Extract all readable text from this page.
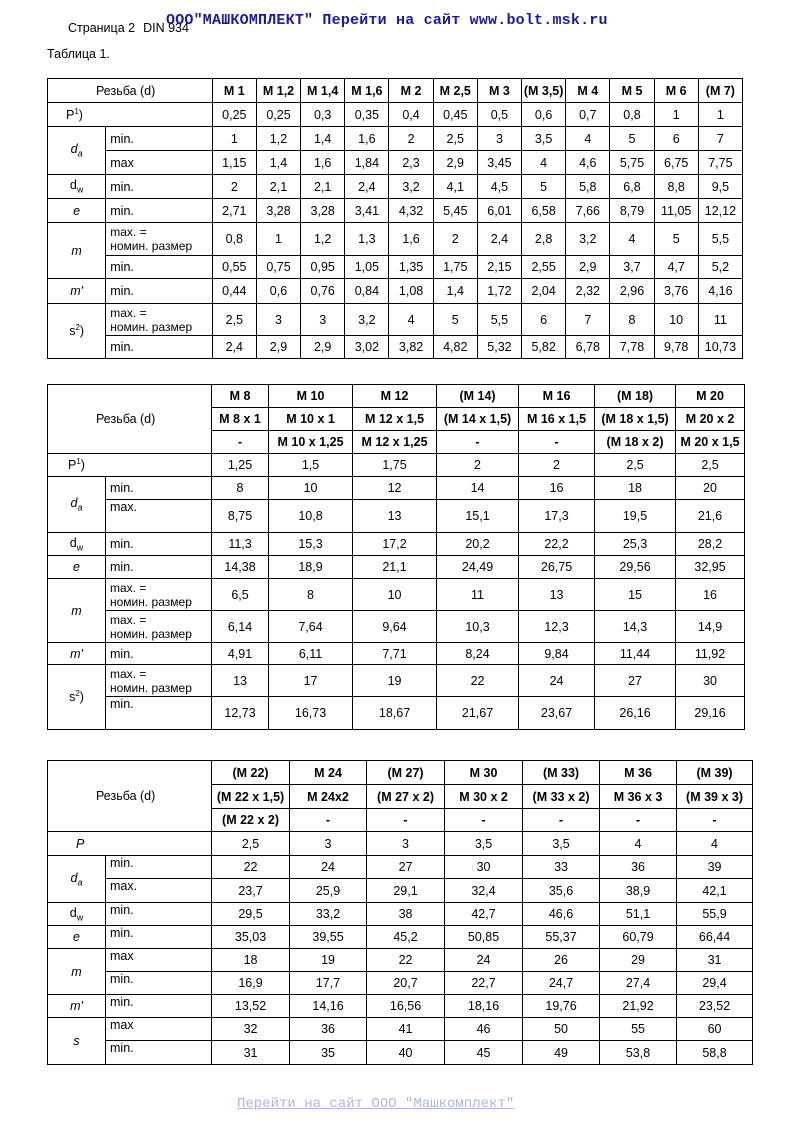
Страница 2 DIN 934
ООО"МАШКОМПЛЕКТ" Перейти на сайт www.bolt.msk.ru
Таблица 1.
Резьба (d)		M 1	M 1,2	M 1,4	M 1,6	M 2	M 2,5	M 3	(M 3,5)	M 4	M 5	M 6	(M 7)
$P^1$)		0,25	0,25	0,3	0,35	0,4	0,45	0,5	0,6	0,7	0,8	1	1
$d_a$	min.	1	1,2	1,4	1,6	2	2,5	3	3,5	4	5	6	7
	max	1,15	1,4	1,6	1,84	2,3	2,9	3,45	4	4,6	5,75	6,75	7,75
$d_w$	min.	2	2,1	2,1	2,4	3,2	4,1	4,5	5	5,8	6,8	8,8	9,5
e	min.	2,71	3,28	3,28	3,41	4,32	5,45	6,01	6,58	7,66	8,79	11,05	12,12
m	max. =
номин. размер	0,8	1	1,2	1,3	1,6	2	2,4	2,8	3,2	4	5	5,5
	min.	0,55	0,75	0,95	1,05	1,35	1,75	2,15	2,55	2,9	3,7	4,7	5,2
m'	min.	0,44	0,6	0,76	0,84	1,08	1,4	1,72	2,04	2,32	2,96	3,76	4,16
$s^2$)	max. =
номин. размер	2,5	3	3	3,2	4	5	5,5	6	7	8	10	11
	min.	2,4	2,9	2,9	3,02	3,82	4,82	5,32	5,82	6,78	7,78	9,78	10,73
Резьба (d)		M 8	M 10	M 12	(M 14)	M 16	(M 18)	M 20
		M 8 x 1	M 10 x 1	M 12 x 1,5	(M 14 x 1,5)	M 16 x 1,5	(M 18 x 1,5)	M 20 x 2
		-	M 10 x 1,25	M 12 x 1,25	-	-	(M 18 x 2)	M 20 x 1,5
$P^1$)		1,25	1,5	1,75	2	2	2,5	2,5
$d_a$	min.	8	10	12	14	16	18	20
	max.	8,75	10,8	13	15,1	17,3	19,5	21,6
$d_w$	min.	11,3	15,3	17,2	20,2	22,2	25,3	28,2
e	min.	14,38	18,9	21,1	24,49	26,75	29,56	32,95
m	max. =
номин. размер	6,5	8	10	11	13	15	16

	max. =
номин. размер	6,14	7,64	9,64	10,3	12,3	14,3	14,9
m'	min.	4,91	6,11	7,71	8,24	9,84	11,44	11,92
$s^2$)	max. =
номин. размер	13	17	19	22	24	27	30
	min.	12,73	16,73	18,67	21,67	23,67	26,16	29,16
Резьба (d)		(M 22)	M 24	(M 27)	M 30	(M 33)	M 36	(M 39)
		(M 22 x 1,5)	M 24x2	(M 27 x 2)	M 30 x 2	(M 33 x 2)	M 36 x 3	(M 39 x 3)
		(M 22 x 2)	-	-	-	-	-	-
P		2,5	3	3	3,5	3,5	4	4
$d_a$	min.	22	24	27	30	33	36	39
	max.	23,7	25,9	29,1	32,4	35,6	38,9	42,1
$d_w$	min.	29,5	33,2	38	42,7	46,6	51,1	55,9
e	min.	35,03	39,55	45,2	50,85	55,37	60,79	66,44
m	max	18	19	22	24	26	29	31
	min.	16,9	17,7	20,7	22,7	24,7	27,4	29,4
m'	min.	13,52	14,16	16,56	18,16	19,76	21,92	23,52
s	max	32	36	41	46	50	55	60
	min.	31	35	40	45	49	53,8	58,8
Перейти на сайт ООО "Машкомплект"
